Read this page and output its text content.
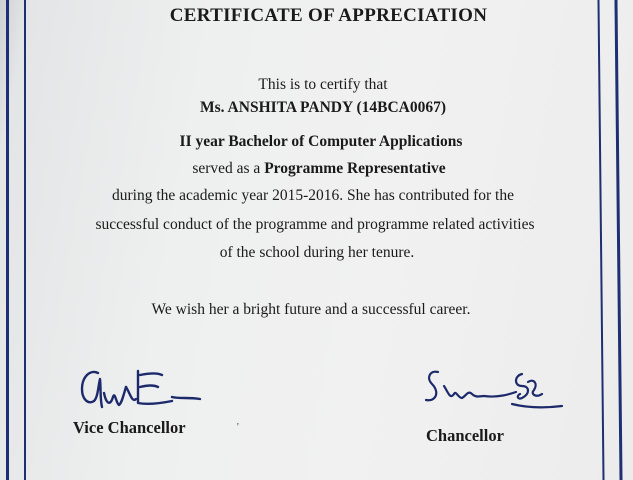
CERTIFICATE OF APPRECIATION
This is to certify that
Ms. ANSHITA PANDY (14BCA0067)
II year Bachelor of Computer Applications
served as a Programme Representative
during the academic year 2015-2016. She has contributed for the
successful conduct of the programme and programme related activities
of the school during her tenure.
We wish her a bright future and a successful career.
Vice Chancellor	'	Chancellor
